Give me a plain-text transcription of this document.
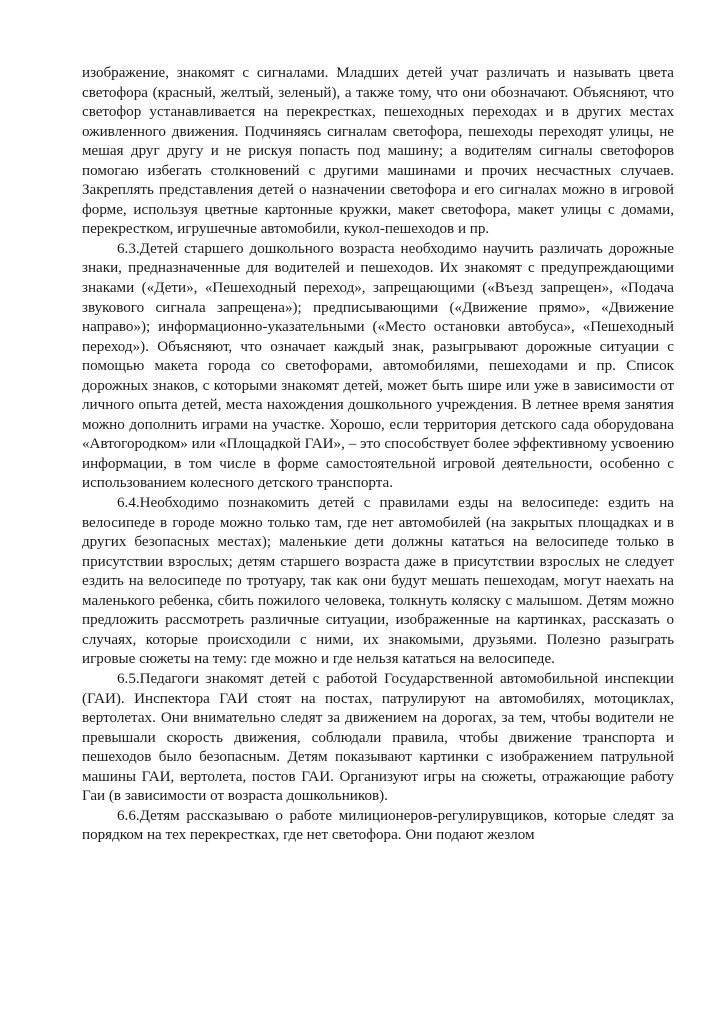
изображение, знакомят с сигналами. Младших детей учат различать и называть цвета светофора (красный, желтый, зеленый), а также тому, что они обозначают. Объясняют, что светофор устанавливается на перекрестках, пешеходных переходах и в других местах оживленного движения. Подчиняясь сигналам светофора, пешеходы переходят улицы, не мешая друг другу и не рискуя попасть под машину; а водителям сигналы светофоров помогаю избегать столкновений с другими машинами и прочих несчастных случаев. Закреплять представления детей о назначении светофора и его сигналах можно в игровой форме, используя цветные картонные кружки, макет светофора, макет улицы с домами, перекрестком, игрушечные автомобили, кукол-пешеходов и пр.

6.3.Детей старшего дошкольного возраста необходимо научить различать дорожные знаки, предназначенные для водителей и пешеходов. Их знакомят с предупреждающими знаками («Дети», «Пешеходный переход», запрещающими («Въезд запрещен», «Подача звукового сигнала запрещена»); предписывающими («Движение прямо», «Движение направо»); информационно-указательными («Место остановки автобуса», «Пешеходный переход»). Объясняют, что означает каждый знак, разыгрывают дорожные ситуации с помощью макета города со светофорами, автомобилями, пешеходами и пр. Список дорожных знаков, с которыми знакомят детей, может быть шире или уже в зависимости от личного опыта детей, места нахождения дошкольного учреждения. В летнее время занятия можно дополнить играми на участке. Хорошо, если территория детского сада оборудована «Автогородком» или «Площадкой ГАИ», – это способствует более эффективному усвоению информации, в том числе в форме самостоятельной игровой деятельности, особенно с использованием колесного детского транспорта.

6.4.Необходимо познакомить детей с правилами езды на велосипеде: ездить на велосипеде в городе можно только там, где нет автомобилей (на закрытых площадках и в других безопасных местах); маленькие дети должны кататься на велосипеде только в присутствии взрослых; детям старшего возраста даже в присутствии взрослых не следует ездить на велосипеде по тротуару, так как они будут мешать пешеходам, могут наехать на маленького ребенка, сбить пожилого человека, толкнуть коляску с малышом. Детям можно предложить рассмотреть различные ситуации, изображенные на картинках, рассказать о случаях, которые происходили с ними, их знакомыми, друзьями. Полезно разыграть игровые сюжеты на тему: где можно и где нельзя кататься на велосипеде.

6.5.Педагоги знакомят детей с работой Государственной автомобильной инспекции (ГАИ). Инспектора ГАИ стоят на постах, патрулируют на автомобилях, мотоциклах, вертолетах. Они внимательно следят за движением на дорогах, за тем, чтобы водители не превышали скорость движения, соблюдали правила, чтобы движение транспорта и пешеходов было безопасным. Детям показывают картинки с изображением патрульной машины ГАИ, вертолета, постов ГАИ. Организуют игры на сюжеты, отражающие работу Гаи (в зависимости от возраста дошкольников).

6.6.Детям рассказываю о работе милиционеров-регулирувщиков, которые следят за порядком на тех перекрестках, где нет светофора. Они подают жезлом
